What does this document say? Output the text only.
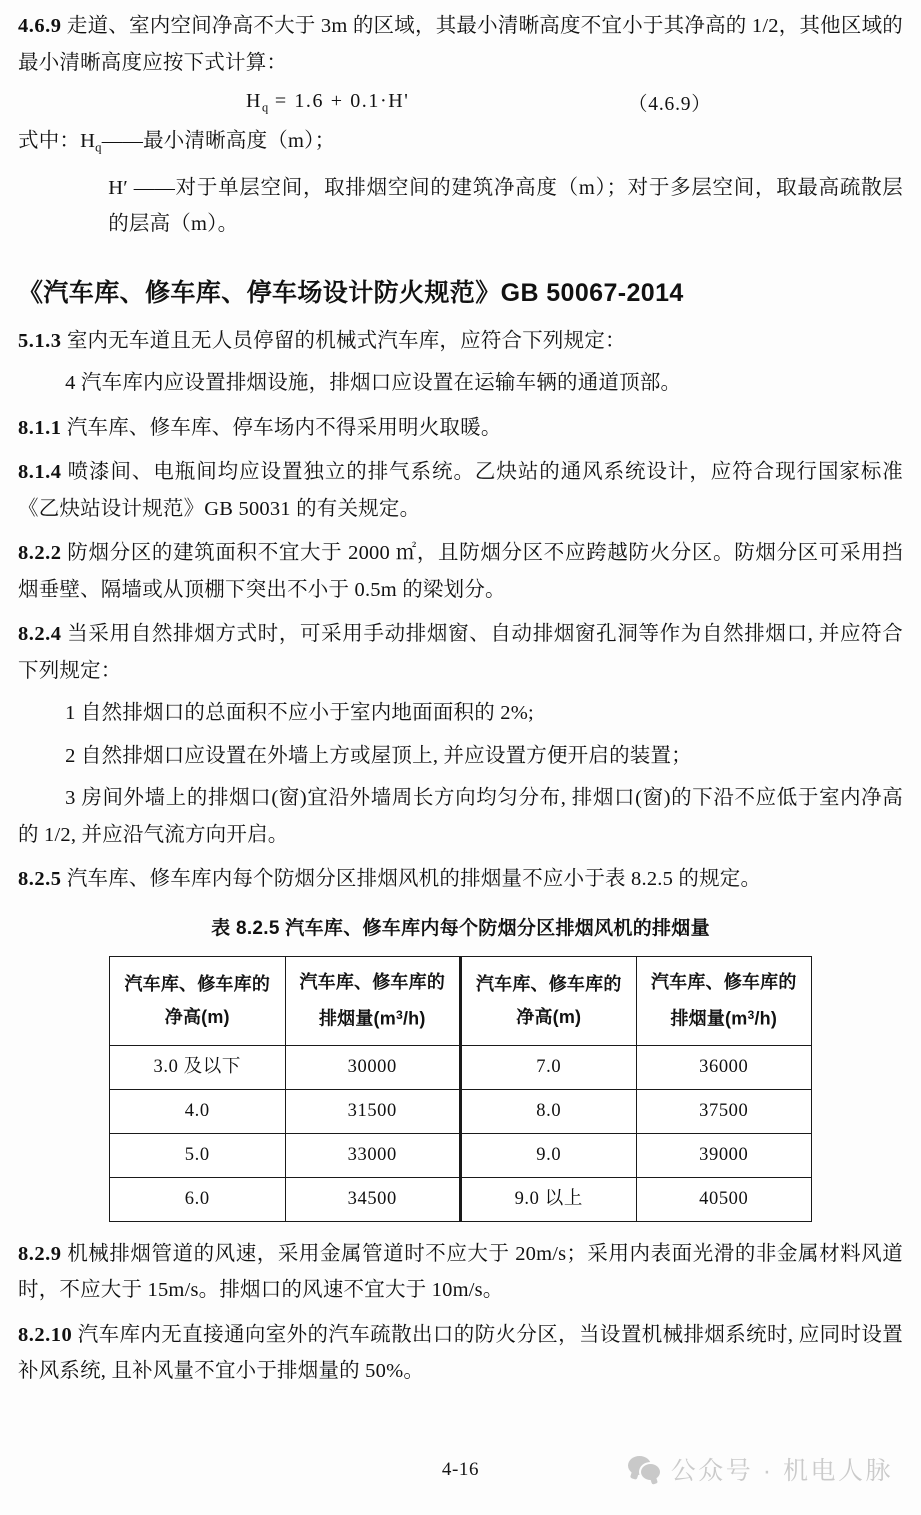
4.6.9 走道、室内空间净高不大于 3m 的区域，其最小清晰高度不宜小于其净高的 1/2，其他区域的最小清晰高度应按下式计算：

$H_q = 1.6 + 0.1\cdot H'$	（4.6.9）

式中：$H_q——$最小清晰高度（m）；

H′ ——对于单层空间，取排烟空间的建筑净高度（m）；对于多层空间，取最高疏散层的层高（m）。

《汽车库、修车库、停车场设计防火规范》GB 50067-2014

5.1.3 室内无车道且无人员停留的机械式汽车库，应符合下列规定：

4 汽车库内应设置排烟设施，排烟口应设置在运输车辆的通道顶部。

8.1.1 汽车库、修车库、停车场内不得采用明火取暖。

8.1.4 喷漆间、电瓶间均应设置独立的排气系统。乙炔站的通风系统设计，应符合现行国家标准《乙炔站设计规范》GB 50031 的有关规定。

8.2.2 防烟分区的建筑面积不宜大于 2000 ㎡，且防烟分区不应跨越防火分区。防烟分区可采用挡烟垂壁、隔墙或从顶棚下突出不小于 0.5m 的梁划分。

8.2.4 当采用自然排烟方式时，可采用手动排烟窗、自动排烟窗孔洞等作为自然排烟口, 并应符合下列规定：

1 自然排烟口的总面积不应小于室内地面面积的 2%;

2 自然排烟口应设置在外墙上方或屋顶上, 并应设置方便开启的装置；

3 房间外墙上的排烟口(窗)宜沿外墙周长方向均匀分布, 排烟口(窗)的下沿不应低于室内净高的 1/2, 并应沿气流方向开启。

8.2.5 汽车库、修车库内每个防烟分区排烟风机的排烟量不应小于表 8.2.5 的规定。

表 8.2.5 汽车库、修车库内每个防烟分区排烟风机的排烟量
汽车库、修车库的
净高(m)	汽车库、修车库的
排烟量$(m^3/h)$	汽车库、修车库的
净高(m)	汽车库、修车库的
排烟量$(m^3/h)$

3.0 及以下	30000	7.0	36000
4.0	31500	8.0	37500
5.0	33000	9.0	39000
6.0	34500	9.0 以上	40500

8.2.9 机械排烟管道的风速，采用金属管道时不应大于 20m/s；采用内表面光滑的非金属材料风道时，不应大于 15m/s。排烟口的风速不宜大于 10m/s。

8.2.10 汽车库内无直接通向室外的汽车疏散出口的防火分区，当设置机械排烟系统时, 应同时设置补风系统, 且补风量不宜小于排烟量的 50%。

4-16	公众号 · 机电人脉
